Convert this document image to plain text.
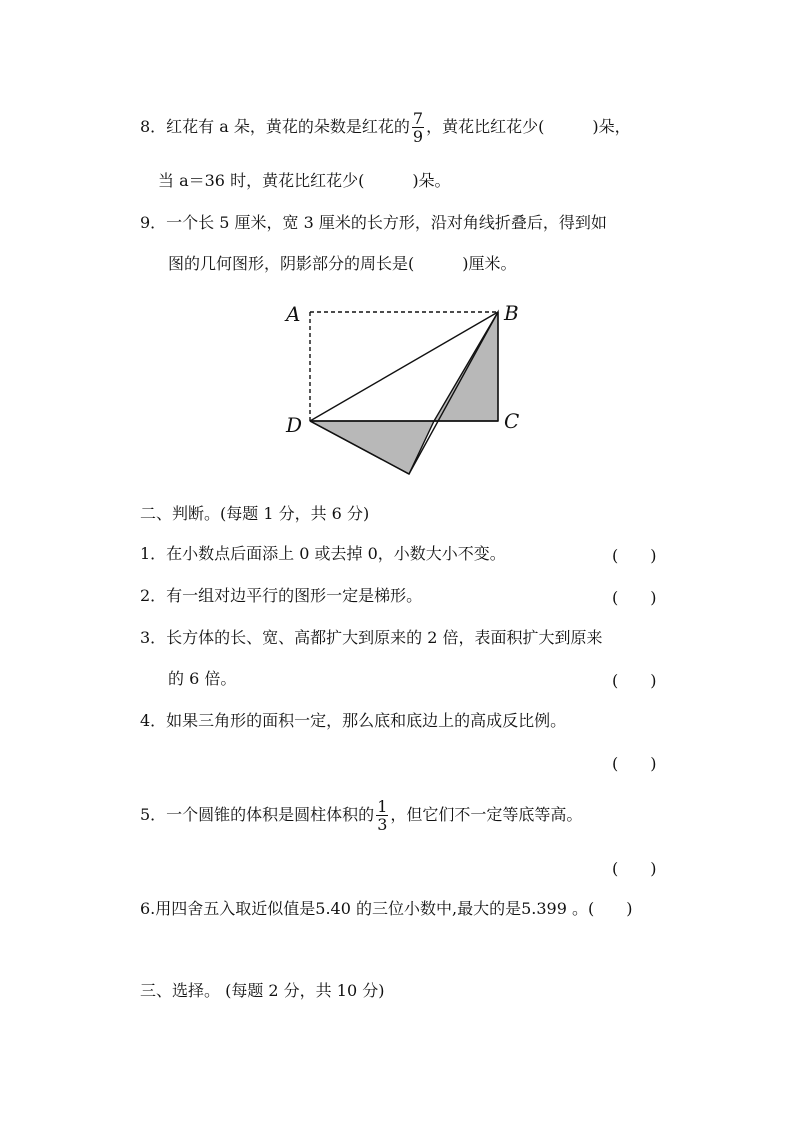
8．红花有 a 朵，黄花的朵数是红花的 $\frac{7}{9}$ ，黄花比红花少(　　　)朵，
当 a＝36 时，黄花比红花少(　　　)朵。
9．一个长 5 厘米，宽 3 厘米的长方形，沿对角线折叠后，得到如
图的几何图形，阴影部分的周长是(　　　)厘米。
A	B
C
D
二、判断。(每题 1 分，共 6 分)
1．在小数点后面添上 0 或去掉 0，小数大小不变。	(　　)
2．有一组对边平行的图形一定是梯形。	(　　)
3．长方体的长、宽、高都扩大到原来的 2 倍，表面积扩大到原来
的 6 倍。	(　　)
4．如果三角形的面积一定，那么底和底边上的高成反比例。
(　　)
5．一个圆锥的体积是圆柱体积的 $\frac{1}{3}$ ，但它们不一定等底等高。
(　　)
6.用四舍五入取近似值是5.40 的三位小数中,最大的是5.399 。(　　)
三、选择。 (每题 2 分，共 10 分)
